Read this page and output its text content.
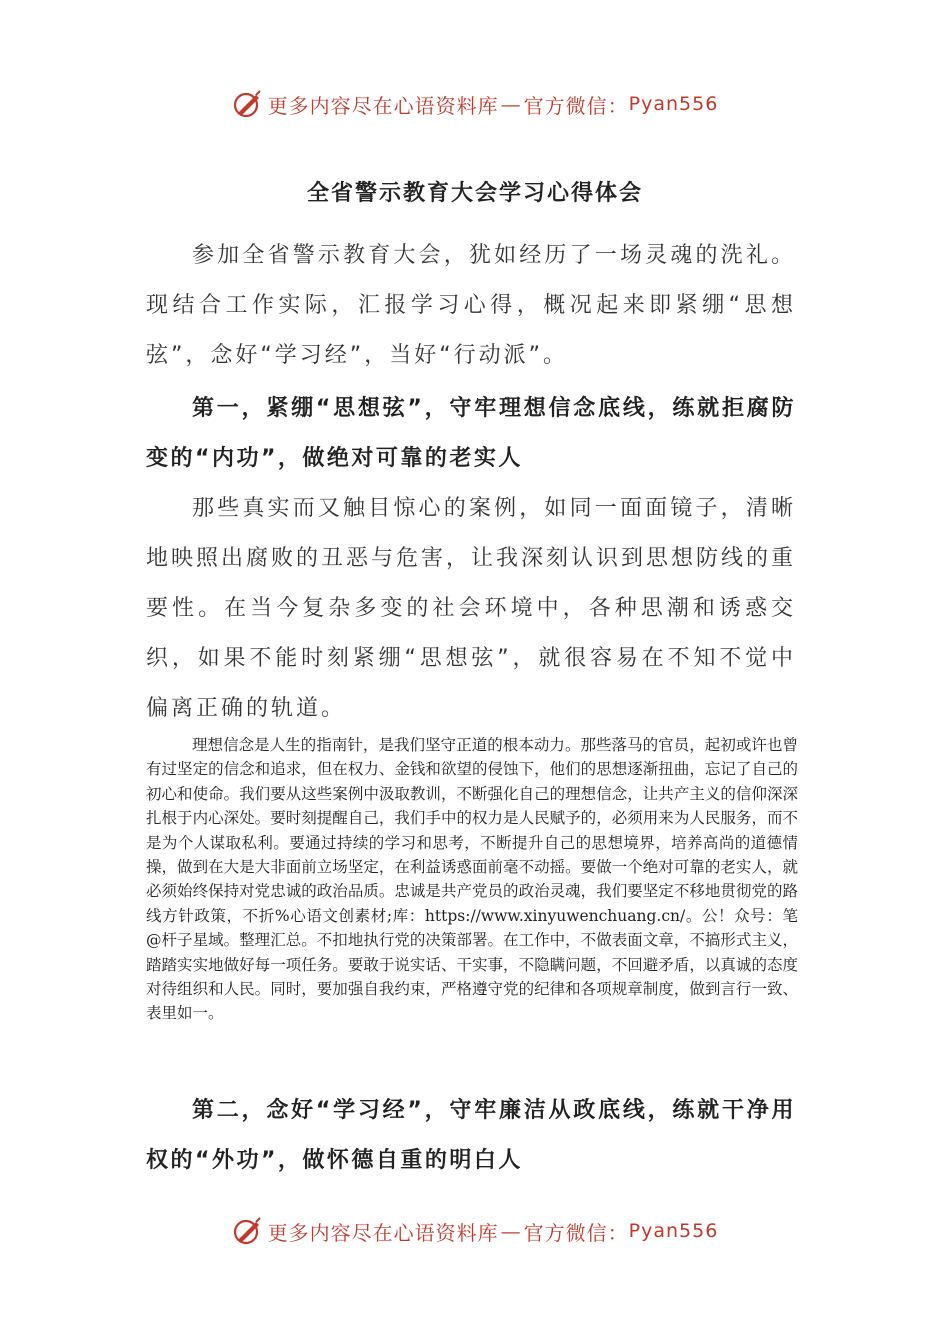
更多内容尽在心语资料库 — 官方微信： Pyan556
全省警示教育大会学习心得体会
参加全省警示教育大会，犹如经历了一场灵魂的洗礼。现结合工作实际，汇报学习心得，概况起来即紧绷“思想弦”，念好“学习经”，当好“行动派”。
第一，紧绷“思想弦”，守牢理想信念底线，练就拒腐防变的“内功”，做绝对可靠的老实人
那些真实而又触目惊心的案例，如同一面面镜子，清晰地映照出腐败的丑恶与危害，让我深刻认识到思想防线的重要性。在当今复杂多变的社会环境中，各种思潮和诱惑交织，如果不能时刻紧绷“思想弦”，就很容易在不知不觉中偏离正确的轨道。
理想信念是人生的指南针，是我们坚守正道的根本动力。那些落马的官员，起初或许也曾有过坚定的信念和追求，但在权力、金钱和欲望的侵蚀下，他们的思想逐渐扭曲，忘记了自己的初心和使命。我们要从这些案例中汲取教训，不断强化自己的理想信念，让共产主义的信仰深深扎根于内心深处。要时刻提醒自己，我们手中的权力是人民赋予的，必须用来为人民服务，而不是为个人谋取私利。要通过持续的学习和思考，不断提升自己的思想境界，培养高尚的道德情操，做到在大是大非面前立场坚定，在利益诱惑面前毫不动摇。要做一个绝对可靠的老实人，就必须始终保持对党忠诚的政治品质。忠诚是共产党员的政治灵魂，我们要坚定不移地贯彻党的路线方针政策，不折%心语文创素材;库：https://www.xinyuwenchuang.cn/。公！众号：笔@杆子星域。整理汇总。不扣地执行党的决策部署。在工作中，不做表面文章，不搞形式主义，踏踏实实地做好每一项任务。要敢于说实话、干实事，不隐瞒问题，不回避矛盾，以真诚的态度对待组织和人民。同时，要加强自我约束，严格遵守党的纪律和各项规章制度，做到言行一致、表里如一。
第二，念好“学习经”，守牢廉洁从政底线，练就干净用权的“外功”，做怀德自重的明白人
更多内容尽在心语资料库 — 官方微信： Pyan556
